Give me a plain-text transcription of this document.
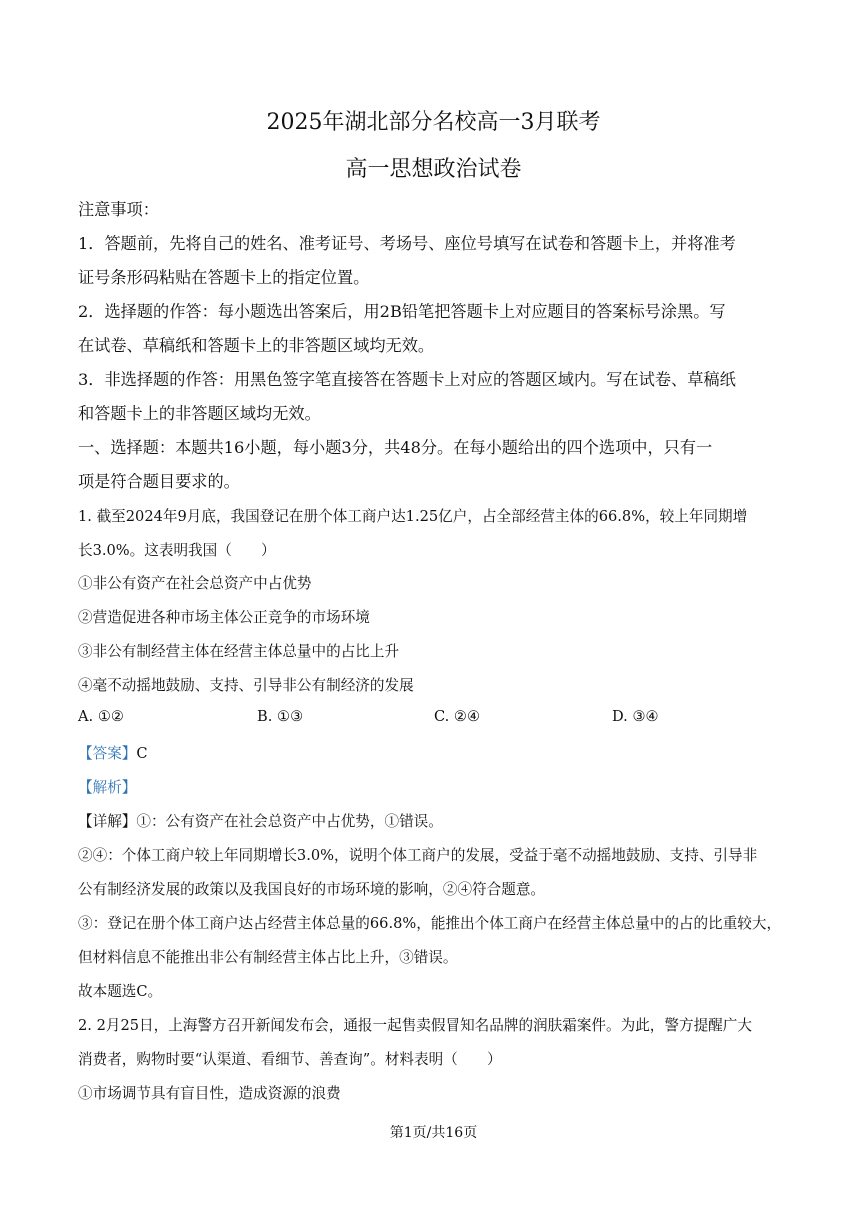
2025年湖北部分名校高一3月联考
高一思想政治试卷
注意事项：
1．答题前，先将自己的姓名、准考证号、考场号、座位号填写在试卷和答题卡上，并将准考
证号条形码粘贴在答题卡上的指定位置。
2．选择题的作答：每小题选出答案后，用2B铅笔把答题卡上对应题目的答案标号涂黑。写
在试卷、草稿纸和答题卡上的非答题区域均无效。
3．非选择题的作答：用黑色签字笔直接答在答题卡上对应的答题区域内。写在试卷、草稿纸
和答题卡上的非答题区域均无效。
一、选择题：本题共16小题，每小题3分，共48分。在每小题给出的四个选项中，只有一
项是符合题目要求的。
1. 截至2024年9月底，我国登记在册个体工商户达1.25亿户，占全部经营主体的66.8%，较上年同期增
长3.0%。这表明我国（　　）
①非公有资产在社会总资产中占优势
②营造促进各种市场主体公正竞争的市场环境
③非公有制经营主体在经营主体总量中的占比上升
④毫不动摇地鼓励、支持、引导非公有制经济的发展
A. ①②	B. ①③	C. ②④	D. ③④
【答案】C
【解析】
【详解】①：公有资产在社会总资产中占优势，①错误。
②④：个体工商户较上年同期增长3.0%，说明个体工商户的发展，受益于毫不动摇地鼓励、支持、引导非
公有制经济发展的政策以及我国良好的市场环境的影响，②④符合题意。
③：登记在册个体工商户达占经营主体总量的66.8%，能推出个体工商户在经营主体总量中的占的比重较大，
但材料信息不能推出非公有制经营主体占比上升，③错误。
故本题选C。
2. 2月25日，上海警方召开新闻发布会，通报一起售卖假冒知名品牌的润肤霜案件。为此，警方提醒广大
消费者，购物时要“认渠道、看细节、善查询”。材料表明（　　）
①市场调节具有盲目性，造成资源的浪费
第1页/共16页
